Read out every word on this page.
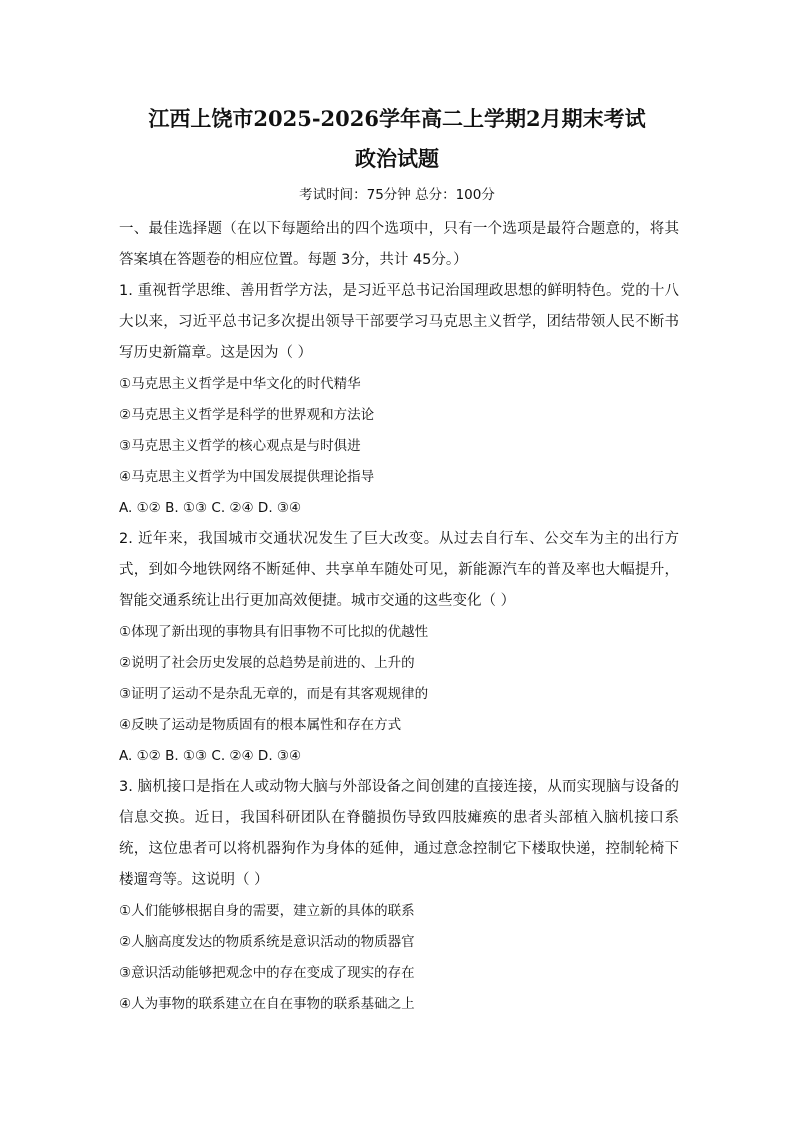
江西上饶市2025-2026学年高二上学期2月期末考试
政治试题
考试时间：75分钟 总分：100分

一、最佳选择题（在以下每题给出的四个选项中，只有一个选项是最符合题意的，将其答案填在答题卷的相应位置。每题 3分，共计 45分。）

1. 重视哲学思维、善用哲学方法，是习近平总书记治国理政思想的鲜明特色。党的十八大以来，习近平总书记多次提出领导干部要学习马克思主义哲学，团结带领人民不断书写历史新篇章。这是因为（ ）

①马克思主义哲学是中华文化的时代精华

②马克思主义哲学是科学的世界观和方法论

③马克思主义哲学的核心观点是与时俱进

④马克思主义哲学为中国发展提供理论指导

A. ①② B. ①③ C. ②④ D. ③④

2. 近年来，我国城市交通状况发生了巨大改变。从过去自行车、公交车为主的出行方式，到如今地铁网络不断延伸、共享单车随处可见，新能源汽车的普及率也大幅提升，智能交通系统让出行更加高效便捷。城市交通的这些变化（ ）

①体现了新出现的事物具有旧事物不可比拟的优越性

②说明了社会历史发展的总趋势是前进的、上升的

③证明了运动不是杂乱无章的，而是有其客观规律的

④反映了运动是物质固有的根本属性和存在方式

A. ①② B. ①③ C. ②④ D. ③④

3. 脑机接口是指在人或动物大脑与外部设备之间创建的直接连接，从而实现脑与设备的信息交换。近日，我国科研团队在脊髓损伤导致四肢瘫痪的患者头部植入脑机接口系统，这位患者可以将机器狗作为身体的延伸，通过意念控制它下楼取快递，控制轮椅下楼遛弯等。这说明（ ）

①人们能够根据自身的需要，建立新的具体的联系

②人脑高度发达的物质系统是意识活动的物质器官

③意识活动能够把观念中的存在变成了现实的存在

④人为事物的联系建立在自在事物的联系基础之上
